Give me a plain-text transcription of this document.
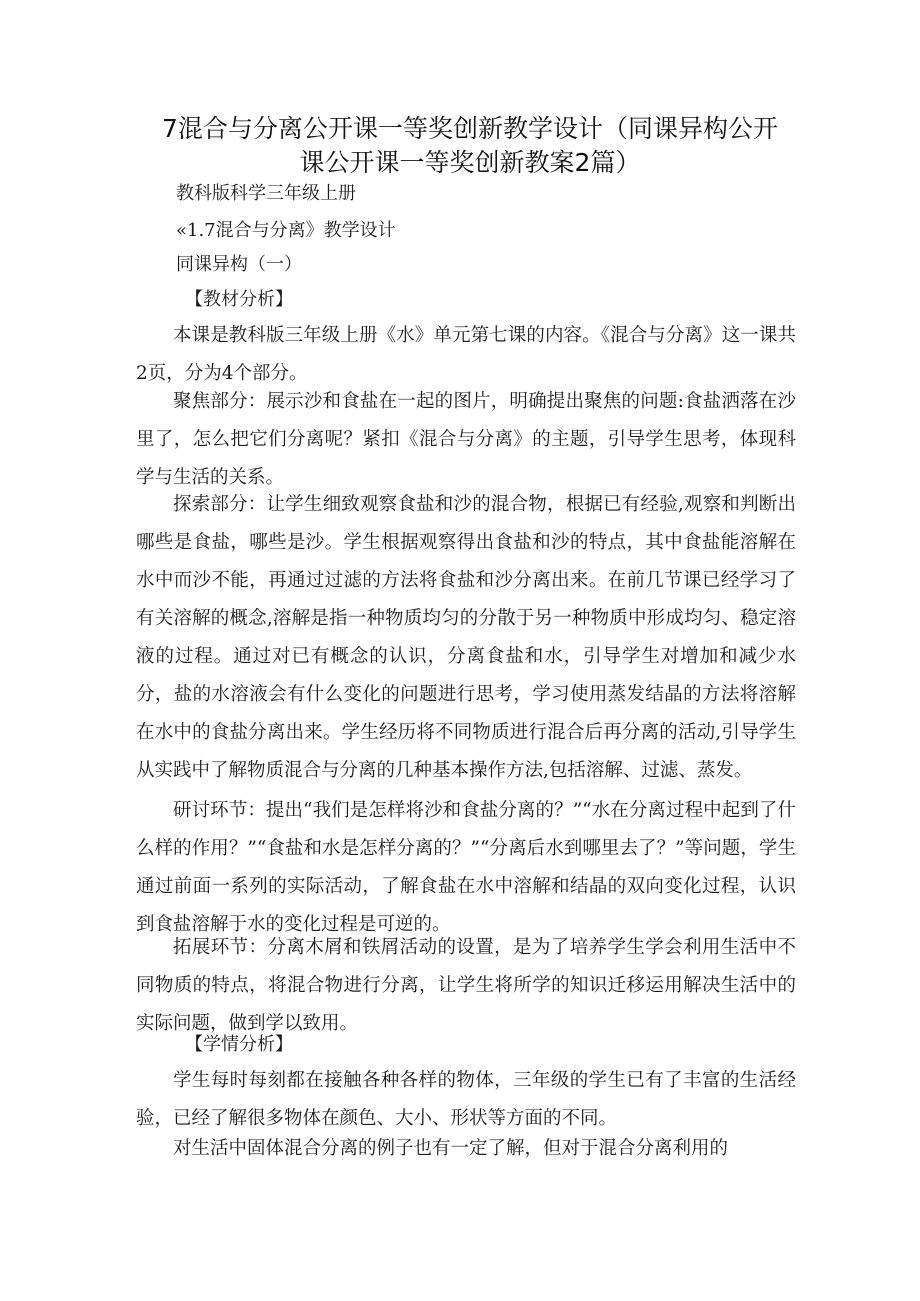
7混合与分离公开课一等奖创新教学设计（同课异构公开课公开课一等奖创新教案2篇）
教科版科学三年级上册
«1.7混合与分离》教学设计
同课异构（一）
【教材分析】

本课是教科版三年级上册《水》单元第七课的内容。《混合与分离》这一课共2页，分为4个部分。

聚焦部分：展示沙和食盐在一起的图片，明确提出聚焦的问题:食盐洒落在沙里了，怎么把它们分离呢？紧扣《混合与分离》的主题，引导学生思考，体现科学与生活的关系。

探索部分：让学生细致观察食盐和沙的混合物，根据已有经验,观察和判断出哪些是食盐，哪些是沙。学生根据观察得出食盐和沙的特点，其中食盐能溶解在水中而沙不能，再通过过滤的方法将食盐和沙分离出来。在前几节课已经学习了有关溶解的概念,溶解是指一种物质均匀的分散于另一种物质中形成均匀、稳定溶液的过程。通过对已有概念的认识，分离食盐和水，引导学生对增加和减少水分，盐的水溶液会有什么变化的问题进行思考，学习使用蒸发结晶的方法将溶解在水中的食盐分离出来。学生经历将不同物质进行混合后再分离的活动,引导学生从实践中了解物质混合与分离的几种基本操作方法,包括溶解、过滤、蒸发。

研讨环节：提出“我们是怎样将沙和食盐分离的？”“水在分离过程中起到了什么样的作用？”“食盐和水是怎样分离的？”“分离后水到哪里去了？”等问题，学生通过前面一系列的实际活动，了解食盐在水中溶解和结晶的双向变化过程，认识到食盐溶解于水的变化过程是可逆的。

拓展环节：分离木屑和铁屑活动的设置，是为了培养学生学会利用生活中不同物质的特点，将混合物进行分离，让学生将所学的知识迁移运用解决生活中的实际问题，做到学以致用。

【学情分析】

学生每时每刻都在接触各种各样的物体，三年级的学生已有了丰富的生活经验，已经了解很多物体在颜色、大小、形状等方面的不同。

对生活中固体混合分离的例子也有一定了解，但对于混合分离利用的
